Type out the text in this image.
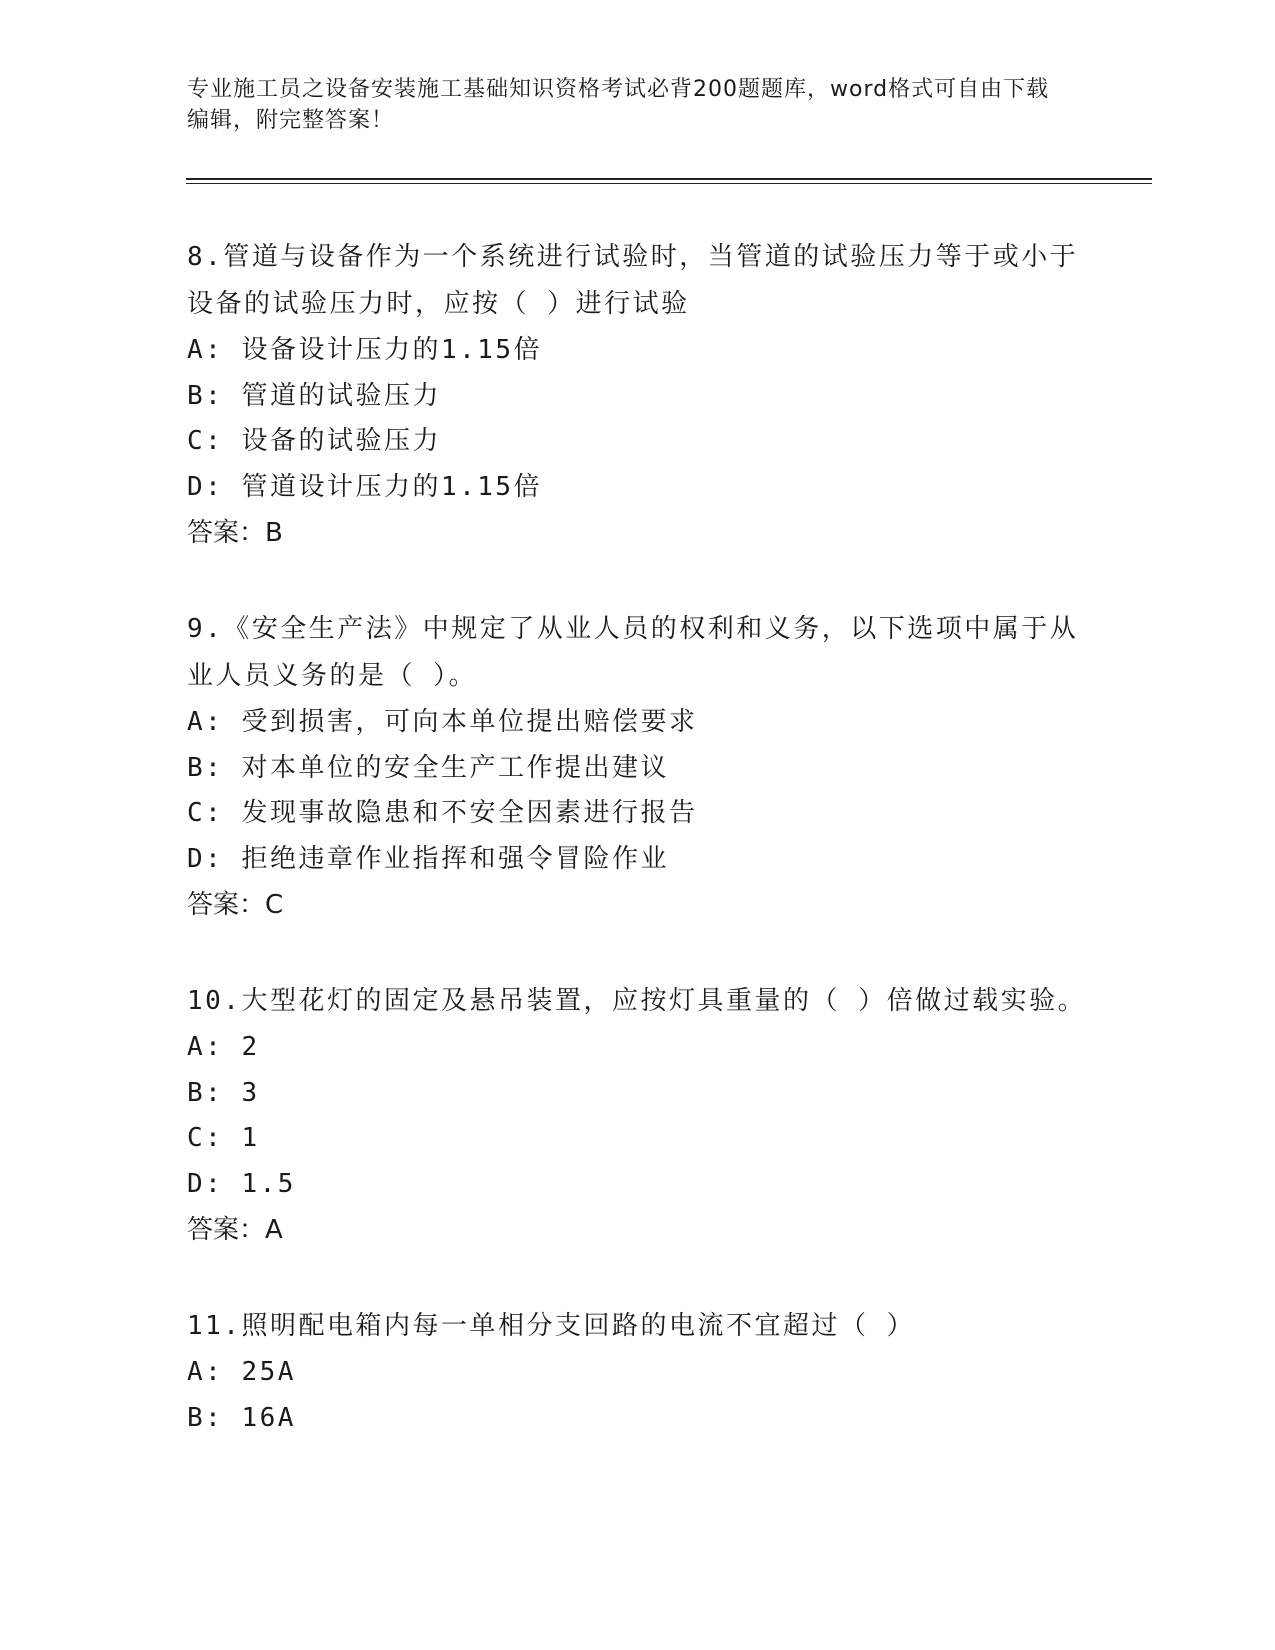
专业施工员之设备安装施工基础知识资格考试必背200题题库，word格式可自由下载编辑，附完整答案！

8.管道与设备作为一个系统进行试验时，当管道的试验压力等于或小于设备的试验压力时，应按（ ）进行试验

A: 设备设计压力的1.15倍

B: 管道的试验压力

C: 设备的试验压力

D: 管道设计压力的1.15倍

答案：B

9.《安全生产法》中规定了从业人员的权利和义务，以下选项中属于从业人员义务的是（ ）。

A: 受到损害，可向本单位提出赔偿要求

B: 对本单位的安全生产工作提出建议

C: 发现事故隐患和不安全因素进行报告

D: 拒绝违章作业指挥和强令冒险作业

答案：C

10.大型花灯的固定及悬吊装置，应按灯具重量的（ ）倍做过载实验。

A: 2

B: 3

C: 1

D: 1.5

答案：A

11.照明配电箱内每一单相分支回路的电流不宜超过（ ）

A: 25A

B: 16A
